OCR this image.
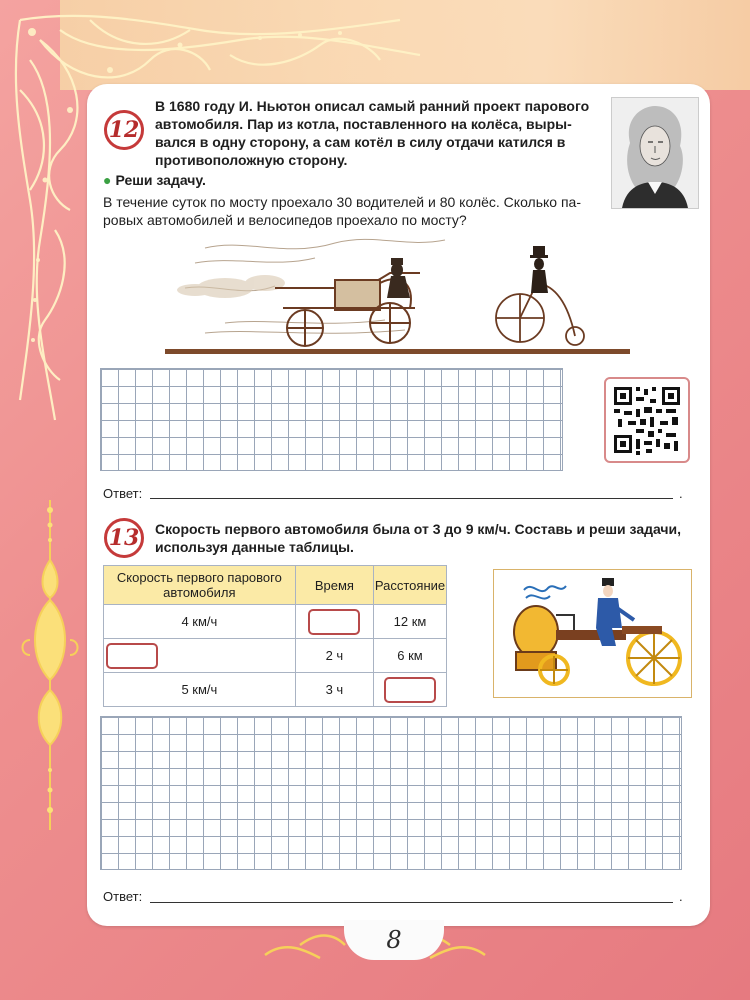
12
В 1680 году И. Ньютон описал самый ранний проект парового
автомобиля. Пар из котла, поставленного на колёса, выры-
вался в одну сторону, а сам котёл в силу отдачи катился в
противоположную сторону.
● Реши задачу.
В течение суток по мосту проехало 30 водителей и 80 колёс. Сколько па-
ровых автомобилей и велосипедов проехало по мосту?
Ответ:	.
13 Скорость первого автомобиля была от 3 до 9 км/ч. Составь и реши задачи,
используя данные таблицы.
Скорость первого парового автомобиля	Время	Расстояние
4 км/ч		12 км
	2 ч	6 км
5 км/ч	3 ч	
Ответ:	.
8
